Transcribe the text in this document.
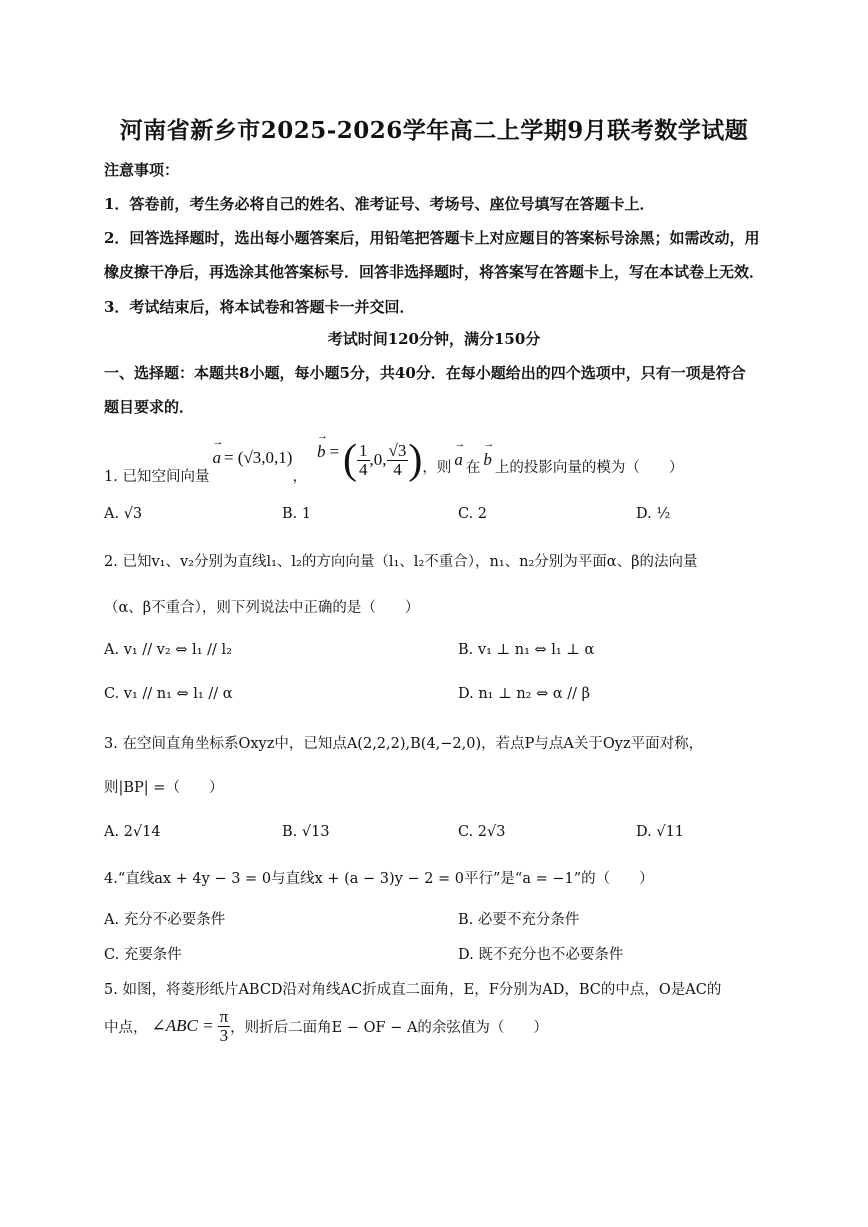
河南省新乡市2025-2026学年高二上学期9月联考数学试题
注意事项：
1．答卷前，考生务必将自己的姓名、准考证号、考场号、座位号填写在答题卡上．
2．回答选择题时，选出每小题答案后，用铅笔把答题卡上对应题目的答案标号涂黑；如需改动，用
橡皮擦干净后，再选涂其他答案标号．回答非选择题时，将答案写在答题卡上，写在本试卷上无效．
3．考试结束后，将本试卷和答题卡一并交回．
考试时间120分钟，满分150分
一、选择题：本题共8小题，每小题5分，共40分．在每小题给出的四个选项中，只有一项是符合
题目要求的．
1. 已知空间向量
→ a = (√3,0,1)
，
→ b = ( $\frac{1}{4} ,0$, $\frac{√3}{4}$ ) ，则 → a 在 → b 上的投影向量的模为（　　）
A. √3	B. 1	C. 2	D. ½
2. 已知v₁、v₂分别为直线l₁、l₂的方向向量（l₁、l₂不重合），n₁、n₂分别为平面α、β的法向量
（α、β不重合），则下列说法中正确的是（　　）
A. v₁ // v₂ ⇔ l₁ // l₂	B. v₁ ⊥ n₁ ⇔ l₁ ⊥ α
C. v₁ // n₁ ⇔ l₁ // α	D. n₁ ⊥ n₂ ⇔ α // β
3. 在空间直角坐标系Oxyz中，已知点A(2,2,2),B(4,−2,0)，若点P与点A关于Oyz平面对称，
则|BP| =（　　）
A. 2√14	B. √13	C. 2√3	D. √11
4.“直线ax + 4y − 3 = 0与直线x + (a − 3)y − 2 = 0平行”是“a = −1”的（　　）
A. 充分不必要条件	B. 必要不充分条件
C. 充要条件	D. 既不充分也不必要条件
5. 如图，将菱形纸片ABCD沿对角线AC折成直二面角，E，F分别为AD，BC的中点，O是AC的
中点， ∠ABC = $\frac{\pi}{3}$ ，则折后二面角E − OF − A的余弦值为（　　）
